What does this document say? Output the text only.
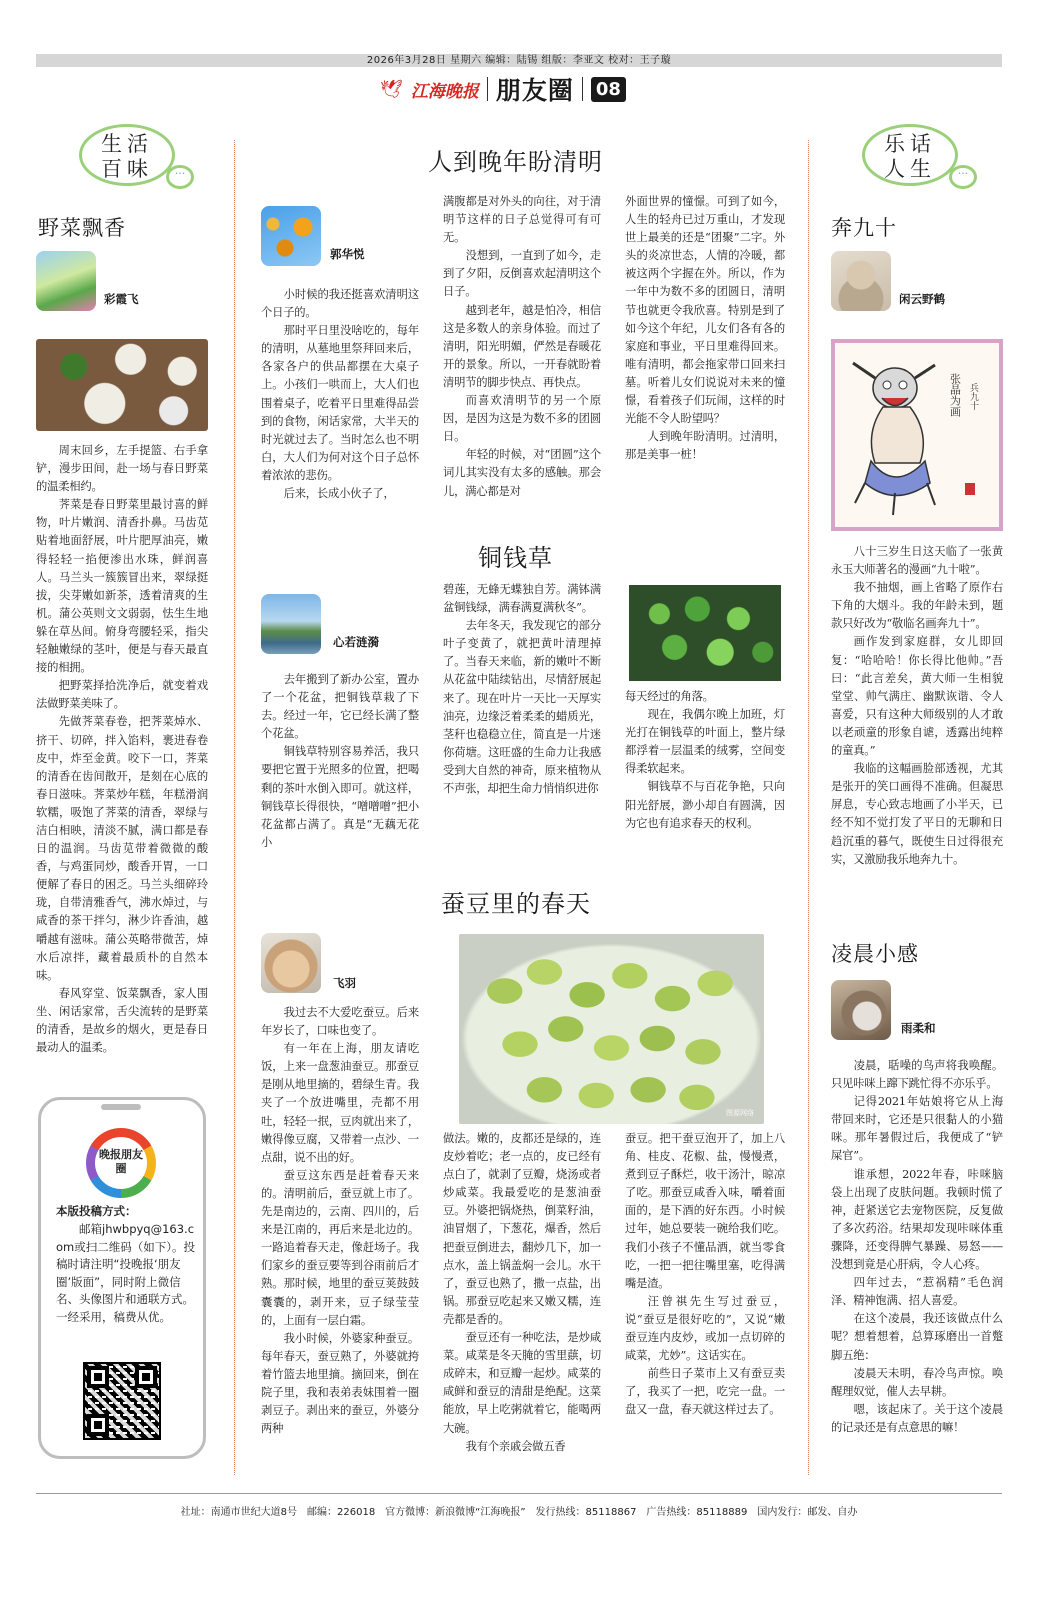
2026年3月28日 星期六 编辑：陆锡 组版：李亚文 校对：王子璇
🕊 江海晚报 朋友圈 08
生活百味	···
野菜飘香
彩霞飞

周末回乡，左手提篮、右手拿铲，漫步田间，赴一场与春日野菜的温柔相约。

荠菜是春日野菜里最讨喜的鲜物，叶片嫩润、清香扑鼻。马齿苋贴着地面舒展，叶片肥厚油亮，嫩得轻轻一掐便渗出水珠，鲜润喜人。马兰头一簇簇冒出来，翠绿挺拔，尖芽嫩如新茶，透着清爽的生机。蒲公英则文文弱弱，怯生生地躲在草丛间。俯身弯腰轻采，指尖轻触嫩绿的茎叶，便是与春天最直接的相拥。

把野菜择拾洗净后，就变着戏法做野菜美味了。

先做荠菜春卷，把荠菜焯水、挤干、切碎，拌入馅料，裹进春卷皮中，炸至金黄。咬下一口，荠菜的清香在齿间散开，是刻在心底的春日滋味。荠菜炒年糕，年糕滑润软糯，吸饱了荠菜的清香，翠绿与洁白相映，清淡不腻，满口都是春日的温润。马齿苋带着微微的酸香，与鸡蛋同炒，酸香开胃，一口便解了春日的困乏。马兰头细碎玲珑，自带清雅香气，沸水焯过，与咸香的茶干拌匀，淋少许香油，越嚼越有滋味。蒲公英略带微苦，焯水后凉拌，藏着最质朴的自然本味。

春风穿堂、饭菜飘香，家人围坐、闲话家常，舌尖流转的是野菜的清香，是故乡的烟火，更是春日最动人的温柔。

晚报朋友圈
本版投稿方式：
邮箱jhwbpyq@163.com或扫二维码（如下）。投稿时请注明“投晚报‘朋友圈’版面”，同时附上微信名、头像图片和通联方式。一经采用，稿费从优。
人到晚年盼清明
郭华悦

小时候的我还挺喜欢清明这个日子的。

那时平日里没啥吃的，每年的清明，从墓地里祭拜回来后，各家各户的供品都摆在大桌子上。小孩们一哄而上，大人们也围着桌子，吃着平日里难得品尝到的食物，闲话家常，大半天的时光就过去了。当时怎么也不明白，大人们为何对这个日子总怀着浓浓的悲伤。

后来，长成小伙子了，

满腹都是对外头的向往，对于清明节这样的日子总觉得可有可无。

没想到，一直到了如今，走到了夕阳，反倒喜欢起清明这个日子。

越到老年，越是怕冷，相信这是多数人的亲身体验。而过了清明，阳光明媚，俨然是春暖花开的景象。所以，一开春就盼着清明节的脚步快点、再快点。

而喜欢清明节的另一个原因，是因为这是为数不多的团圆日。

年轻的时候，对“团圆”这个词儿其实没有太多的感触。那会儿，满心都是对

外面世界的憧憬。可到了如今，人生的轻舟已过万重山，才发现世上最美的还是“团聚”二字。外头的炎凉世态，人情的冷暖，都被这两个字握在外。所以，作为一年中为数不多的团圆日，清明节也就更令我欣喜。特别是到了如今这个年纪，儿女们各有各的家庭和事业，平日里难得回来。唯有清明，都会拖家带口回来扫墓。听着儿女们说说对未来的憧憬，看着孩子们玩闹，这样的时光能不令人盼望吗？

人到晚年盼清明。过清明，那是美事一桩！

铜钱草
心若涟漪

去年搬到了新办公室，置办了一个花盆，把铜钱草栽了下去。经过一年，它已经长满了整个花盆。

铜钱草特别容易养活，我只要把它置于光照多的位置，把喝剩的茶叶水倒入即可。就这样，铜钱草长得很快，“噌噌噌”把小花盆都占满了。真是“无藕无花小

碧莲，无蜂无蝶独自芳。满钵满盆铜钱绿，满春满夏满秋冬”。

去年冬天，我发现它的部分叶子变黄了，就把黄叶清理掉了。当春天来临，新的嫩叶不断从花盆中陆续钻出，尽情舒展起来了。现在叶片一天比一天厚实油亮，边缘泛着柔柔的蜡质光，茎秆也稳稳立住，简直是一片迷你荷塘。这旺盛的生命力让我感受到大自然的神奇，原来植物从不声张，却把生命力悄悄织进你

每天经过的角落。

现在，我偶尔晚上加班，灯光打在铜钱草的叶面上，整片绿都浮着一层温柔的绒雾，空间变得柔软起来。

铜钱草不与百花争艳，只向阳光舒展，渺小却自有圆满，因为它也有追求春天的权利。

蚕豆里的春天
飞羽
图源网络

我过去不大爱吃蚕豆。后来年岁长了，口味也变了。

有一年在上海，朋友请吃饭，上来一盘葱油蚕豆。那蚕豆是刚从地里摘的，碧绿生青。我夹了一个放进嘴里，壳都不用吐，轻轻一抿，豆肉就出来了，嫩得像豆腐，又带着一点沙、一点甜，说不出的好。

蚕豆这东西是赶着春天来的。清明前后，蚕豆就上市了。先是南边的，云南、四川的，后来是江南的，再后来是北边的。一路追着春天走，像赶场子。我们家乡的蚕豆要等到谷雨前后才熟。那时候，地里的蚕豆荚鼓鼓囊囊的，剥开来，豆子绿莹莹的，上面有一层白霜。

我小时候，外婆家种蚕豆。每年春天，蚕豆熟了，外婆就挎着竹篮去地里摘。摘回来，倒在院子里，我和表弟表妹围着一圈剥豆子。剥出来的蚕豆，外婆分两种

做法。嫩的，皮都还是绿的，连皮炒着吃；老一点的，皮已经有点白了，就剥了豆瓣，烧汤或者炒咸菜。我最爱吃的是葱油蚕豆。外婆把锅烧热，倒菜籽油，油冒烟了，下葱花，爆香，然后把蚕豆倒进去，翻炒几下，加一点水，盖上锅盖焖一会儿。水干了，蚕豆也熟了，撒一点盐，出锅。那蚕豆吃起来又嫩又糯，连壳都是香的。

蚕豆还有一种吃法，是炒咸菜。咸菜是冬天腌的雪里蕻，切成碎末，和豆瓣一起炒。咸菜的咸鲜和蚕豆的清甜是绝配。这菜能放，早上吃粥就着它，能喝两大碗。

我有个亲戚会做五香

蚕豆。把干蚕豆泡开了，加上八角、桂皮、花椒、盐，慢慢煮，煮到豆子酥烂，收干汤汁，晾凉了吃。那蚕豆咸香入味，嚼着面面的，是下酒的好东西。小时候过年，她总要装一碗给我们吃。我们小孩子不懂品酒，就当零食吃，一把一把往嘴里塞，吃得满嘴是渣。

汪曾祺先生写过蚕豆，说“蚕豆是很好吃的”，又说“嫩蚕豆连内皮炒，或加一点切碎的咸菜，尤妙”。这话实在。

前些日子菜市上又有蚕豆卖了，我买了一把，吃完一盘。一盘又一盘，春天就这样过去了。

乐话人生	···
奔九十
闲云野鹤
张晶为画 兵九十

八十三岁生日这天临了一张黄永玉大师著名的漫画“九十啦”。

我不抽烟，画上省略了原作右下角的大烟斗。我的年龄未到，题款只好改为“敬临名画奔九十”。

画作发到家庭群，女儿即回复：“哈哈哈！你长得比他帅。”吾曰：“此言差矣，黄大师一生相貌堂堂、帅气满庄、幽默诙谐、令人喜爱，只有这种大师级别的人才敢以老顽童的形象自谑，透露出纯粹的童真。”

我临的这幅画脸部透视，尤其是张开的笑口画得不准确。但凝思屏息，专心致志地画了小半天，已经不知不觉打发了平日的无聊和日趋沉重的暮气，既使生日过得很充实，又激励我乐地奔九十。

凌晨小感
雨柔和

凌晨，聒噪的鸟声将我唤醒。只见咔咪上蹿下跳忙得不亦乐乎。

记得2021年姑娘将它从上海带回来时，它还是只很黏人的小猫咪。那年暑假过后，我便成了“铲屎官”。

谁承想，2022年春，咔咪脑袋上出现了皮肤问题。我顿时慌了神，赶紧送它去宠物医院，反复做了多次药浴。结果却发现咔咪体重骤降，还变得脾气暴躁、易怒——没想到竟是心肝病，令人心疼。

四年过去，“惹祸精”毛色润泽、精神饱满、招人喜爱。

在这个凌晨，我还该做点什么呢？想着想着，总算琢磨出一首蹩脚五绝：

凌晨天未明，春冷鸟声惊。唤醒理奴觉，催人去早耕。

嗯，该起床了。关于这个凌晨的记录还是有点意思的嘛！

社址：南通市世纪大道8号　邮编：226018　官方微博：新浪微博“江海晚报”　发行热线：85118867　广告热线：85118889　国内发行：邮发、自办
